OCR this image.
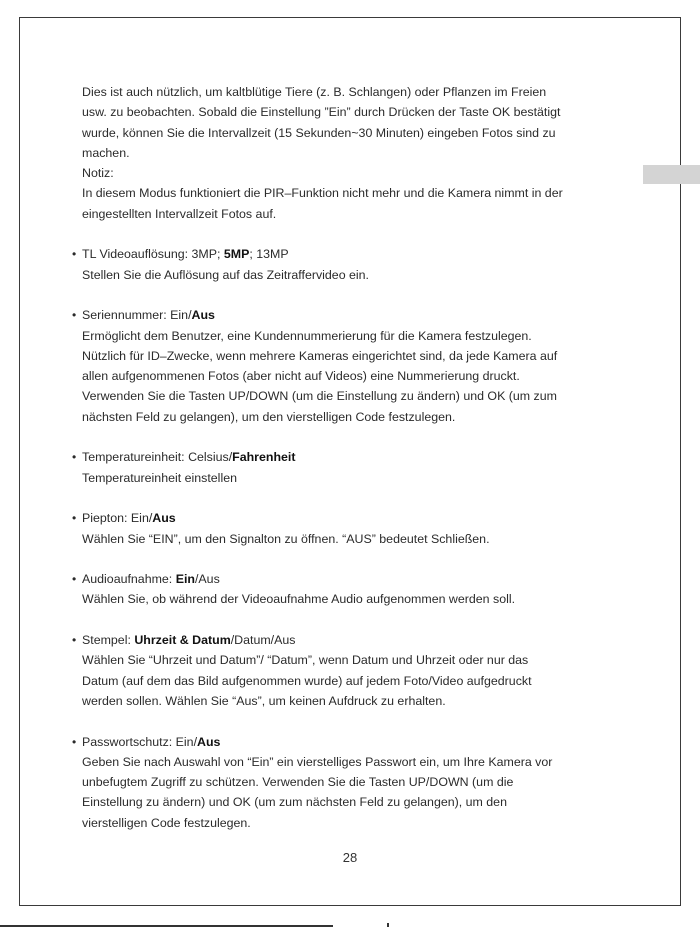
Dies ist auch nützlich, um kaltblütige Tiere (z. B. Schlangen) oder Pflanzen im Freien

usw. zu beobachten. Sobald die Einstellung ”Ein” durch Drücken der Taste OK bestätigt

wurde, können Sie die Intervallzeit (15 Sekunden~30 Minuten) eingeben Fotos sind zu

machen.

Notiz:

In diesem Modus funktioniert die PIR–Funktion nicht mehr und die Kamera nimmt in der

eingestellten Intervallzeit Fotos auf.

• TL Videoauflösung: 3MP; 5MP; 13MP

Stellen Sie die Auflösung auf das Zeitraffervideo ein.

• Seriennummer: Ein/Aus

Ermöglicht dem Benutzer, eine Kundennummerierung für die Kamera festzulegen.

Nützlich für ID–Zwecke, wenn mehrere Kameras eingerichtet sind, da jede Kamera auf

allen aufgenommenen Fotos (aber nicht auf Videos) eine Nummerierung druckt.

Verwenden Sie die Tasten UP/DOWN (um die Einstellung zu ändern) und OK (um zum

nächsten Feld zu gelangen), um den vierstelligen Code festzulegen.

• Temperatureinheit: Celsius/Fahrenheit

Temperatureinheit einstellen

• Piepton: Ein/Aus

Wählen Sie “EIN”, um den Signalton zu öffnen. “AUS” bedeutet Schließen.

• Audioaufnahme: Ein/Aus

Wählen Sie, ob während der Videoaufnahme Audio aufgenommen werden soll.

• Stempel: Uhrzeit & Datum/Datum/Aus

Wählen Sie “Uhrzeit und Datum”/ “Datum”, wenn Datum und Uhrzeit oder nur das

Datum (auf dem das Bild aufgenommen wurde) auf jedem Foto/Video aufgedruckt

werden sollen. Wählen Sie “Aus”, um keinen Aufdruck zu erhalten.

• Passwortschutz: Ein/Aus

Geben Sie nach Auswahl von “Ein” ein vierstelliges Passwort ein, um Ihre Kamera vor

unbefugtem Zugriff zu schützen. Verwenden Sie die Tasten UP/DOWN (um die

Einstellung zu ändern) und OK (um zum nächsten Feld zu gelangen), um den

vierstelligen Code festzulegen.

28
